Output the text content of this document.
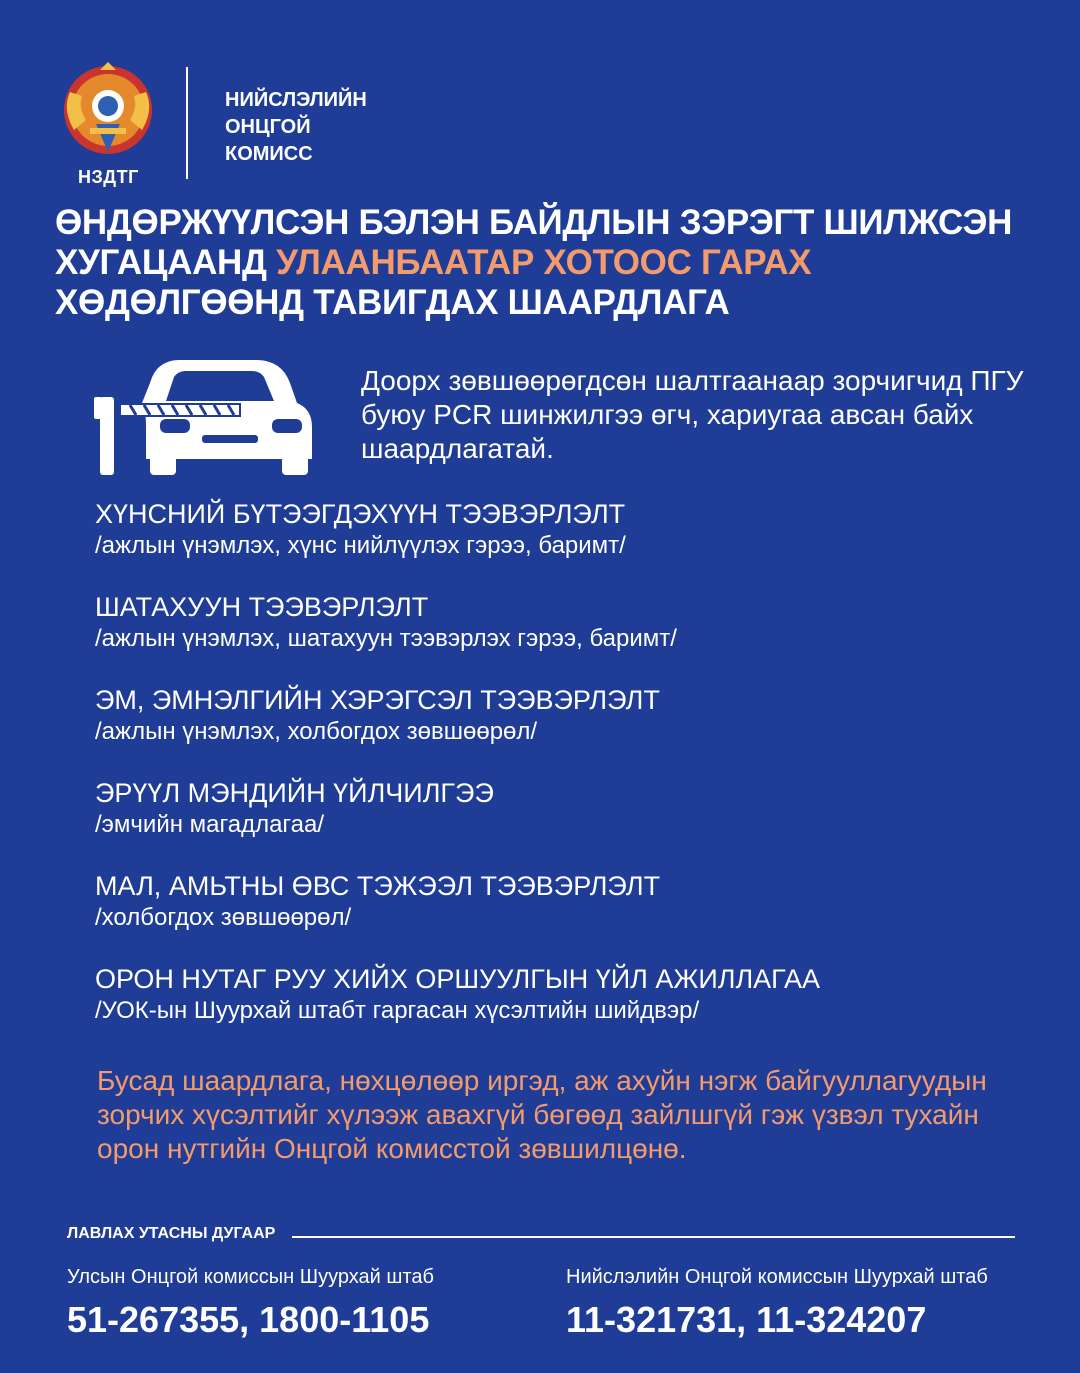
НЗДТГ
НИЙСЛЭЛИЙН
ОНЦГОЙ
КОМИСС
ӨНДӨРЖҮҮЛСЭН БЭЛЭН БАЙДЛЫН ЗЭРЭГТ ШИЛЖСЭН ХУГАЦААНД УЛААНБААТАР ХОТООС ГАРАХ
ХӨДӨЛГӨӨНД ТАВИГДАХ ШААРДЛАГА
Доорх зөвшөөрөгдсөн шалтгаанаар зорчигчид ПГУ буюу PCR шинжилгээ өгч, хариугаа авсан байх шаардлагатай.
ХҮНСНИЙ БҮТЭЭГДЭХҮҮН ТЭЭВЭРЛЭЛТ
/ажлын үнэмлэх, хүнс нийлүүлэх гэрээ, баримт/
ШАТАХУУН ТЭЭВЭРЛЭЛТ
/ажлын үнэмлэх, шатахуун тээвэрлэх гэрээ, баримт/
ЭМ, ЭМНЭЛГИЙН ХЭРЭГСЭЛ ТЭЭВЭРЛЭЛТ
/ажлын үнэмлэх, холбогдох зөвшөөрөл/
ЭРҮҮЛ МЭНДИЙН ҮЙЛЧИЛГЭЭ
/эмчийн магадлагаа/
МАЛ, АМЬТНЫ ӨВС ТЭЖЭЭЛ ТЭЭВЭРЛЭЛТ
/холбогдох зөвшөөрөл/
ОРОН НУТАГ РУУ ХИЙХ ОРШУУЛГЫН ҮЙЛ АЖИЛЛАГАА
/УОК-ын Шуурхай штабт гаргасан хүсэлтийн шийдвэр/
Бусад шаардлага, нөхцөлөөр иргэд, аж ахуйн нэгж байгууллагуудын зорчих хүсэлтийг хүлээж авахгүй бөгөөд зайлшгүй гэж үзвэл тухайн орон нутгийн Онцгой комисстой зөвшилцөнө.
ЛАВЛАХ УТАСНЫ ДУГААР
Улсын Онцгой комиссын Шуурхай штаб
51-267355, 1800-1105
Нийслэлийн Онцгой комиссын Шуурхай штаб
11-321731, 11-324207
